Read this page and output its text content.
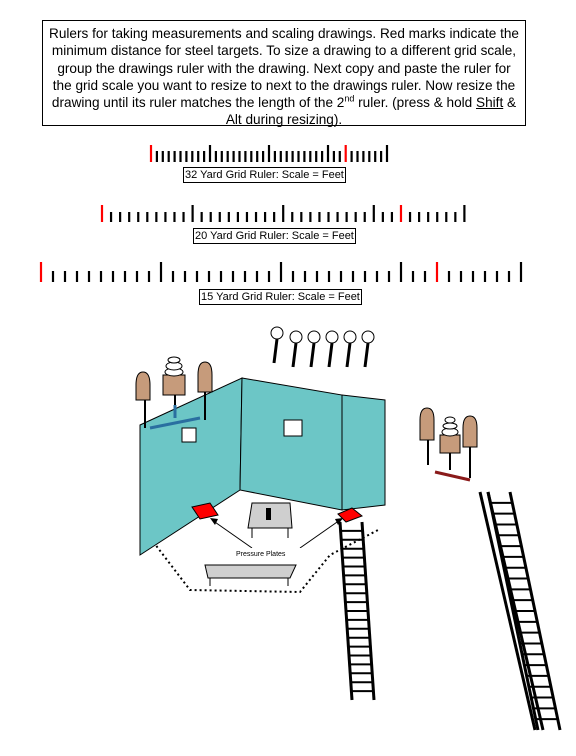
Rulers for taking measurements and scaling drawings. Red marks indicate the minimum distance for steel targets. To size a drawing to a different grid scale, group the drawings ruler with the drawing. Next copy and paste the ruler for the grid scale you want to resize to next to the drawings ruler. Now resize the drawing until its ruler matches the length of the 2nd ruler. (press & hold Shift & Alt during resizing).
32 Yard Grid Ruler: Scale = Feet
20 Yard Grid Ruler: Scale = Feet
15 Yard Grid Ruler: Scale = Feet
Pressure Plates
